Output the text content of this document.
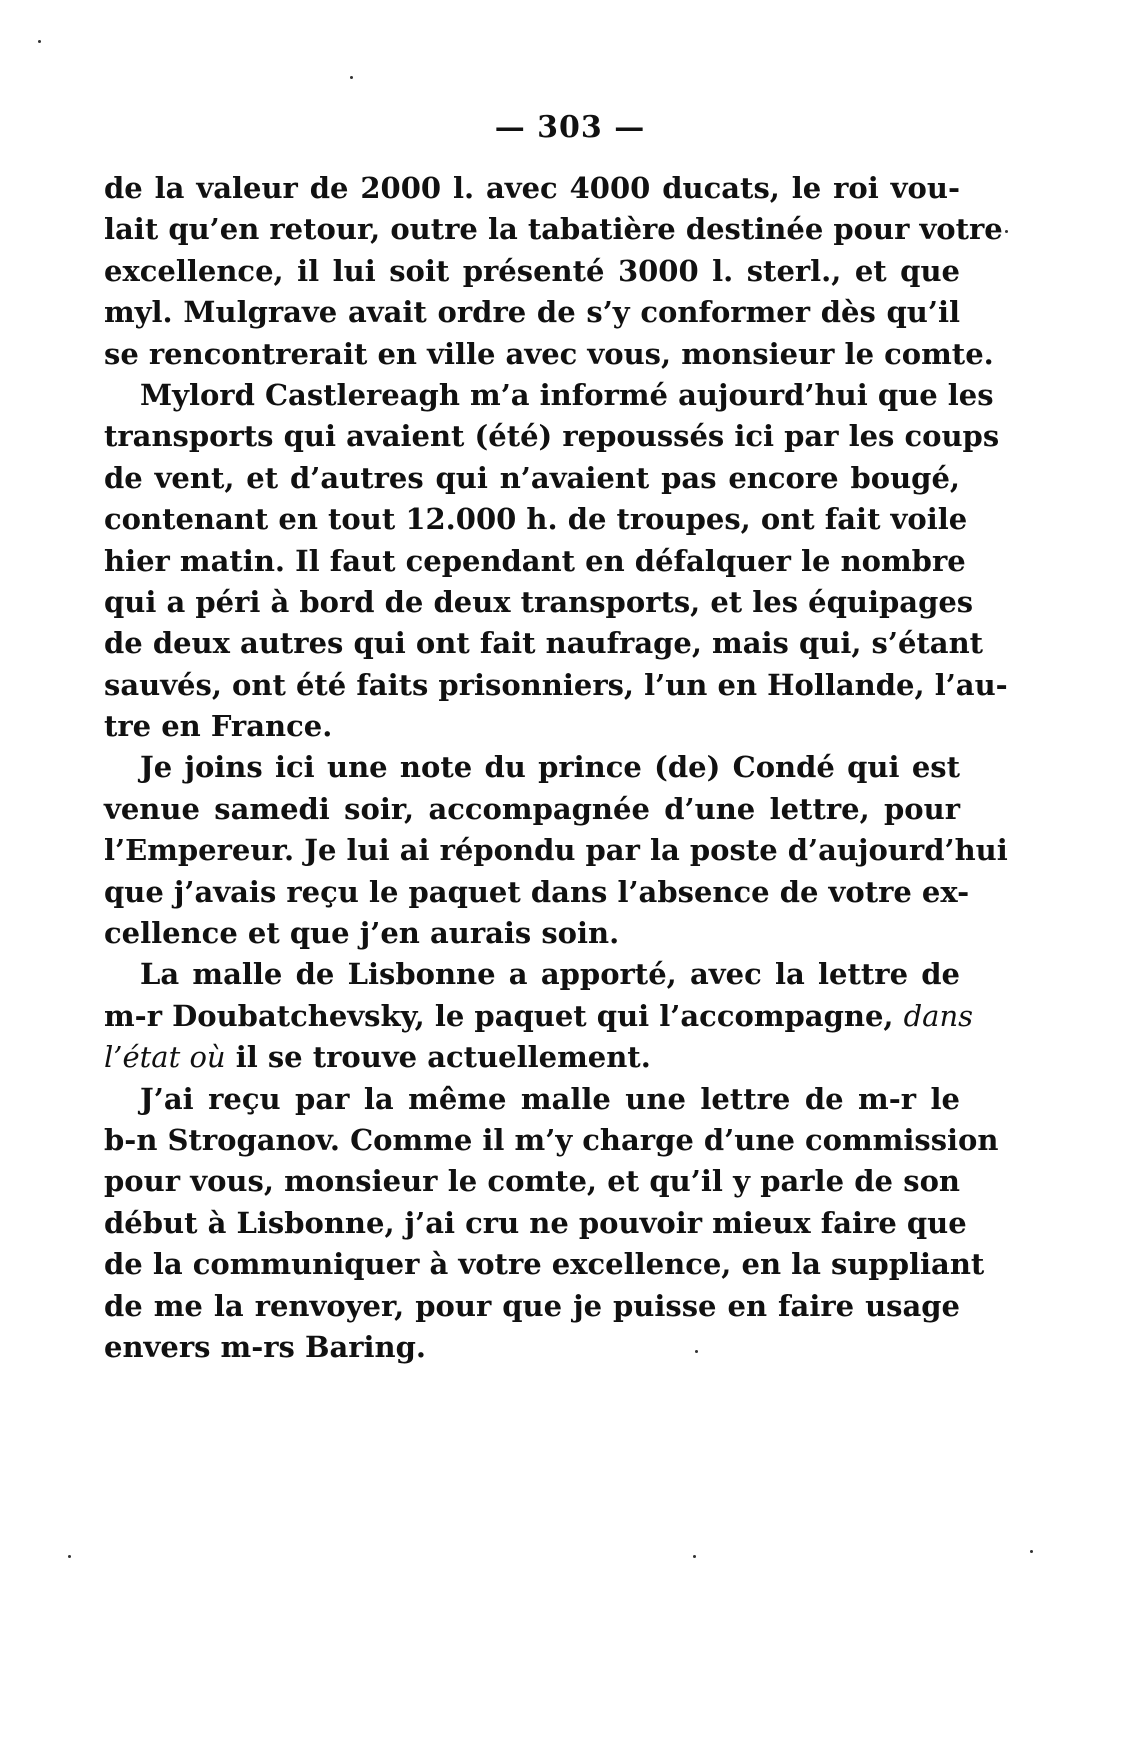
— 303 —
de la valeur de 2000 l. avec 4000 ducats, le roi vou-
lait qu’en retour, outre la tabatière destinée pour votre
excellence, il lui soit présenté 3000 l. sterl., et que
myl. Mulgrave avait ordre de s’y conformer dès qu’il
se rencontrerait en ville avec vous, monsieur le comte.
Mylord Castlereagh m’a informé aujourd’hui que les
transports qui avaient (été) repoussés ici par les coups
de vent, et d’autres qui n’avaient pas encore bougé,
contenant en tout 12.000 h. de troupes, ont fait voile
hier matin. Il faut cependant en défalquer le nombre
qui a péri à bord de deux transports, et les équipages
de deux autres qui ont fait naufrage, mais qui, s’étant
sauvés, ont été faits prisonniers, l’un en Hollande, l’au-
tre en France.
Je joins ici une note du prince (de) Condé qui est
venue samedi soir, accompagnée d’une lettre, pour
l’Empereur. Je lui ai répondu par la poste d’aujourd’hui
que j’avais reçu le paquet dans l’absence de votre ex-
cellence et que j’en aurais soin.
La malle de Lisbonne a apporté, avec la lettre de
m-r Doubatchevsky, le paquet qui l’accompagne, dans
l’état où il se trouve actuellement.
J’ai reçu par la même malle une lettre de m-r le
b-n Stroganov. Comme il m’y charge d’une commission
pour vous, monsieur le comte, et qu’il y parle de son
début à Lisbonne, j’ai cru ne pouvoir mieux faire que
de la communiquer à votre excellence, en la suppliant
de me la renvoyer, pour que je puisse en faire usage
envers m-rs Baring.
